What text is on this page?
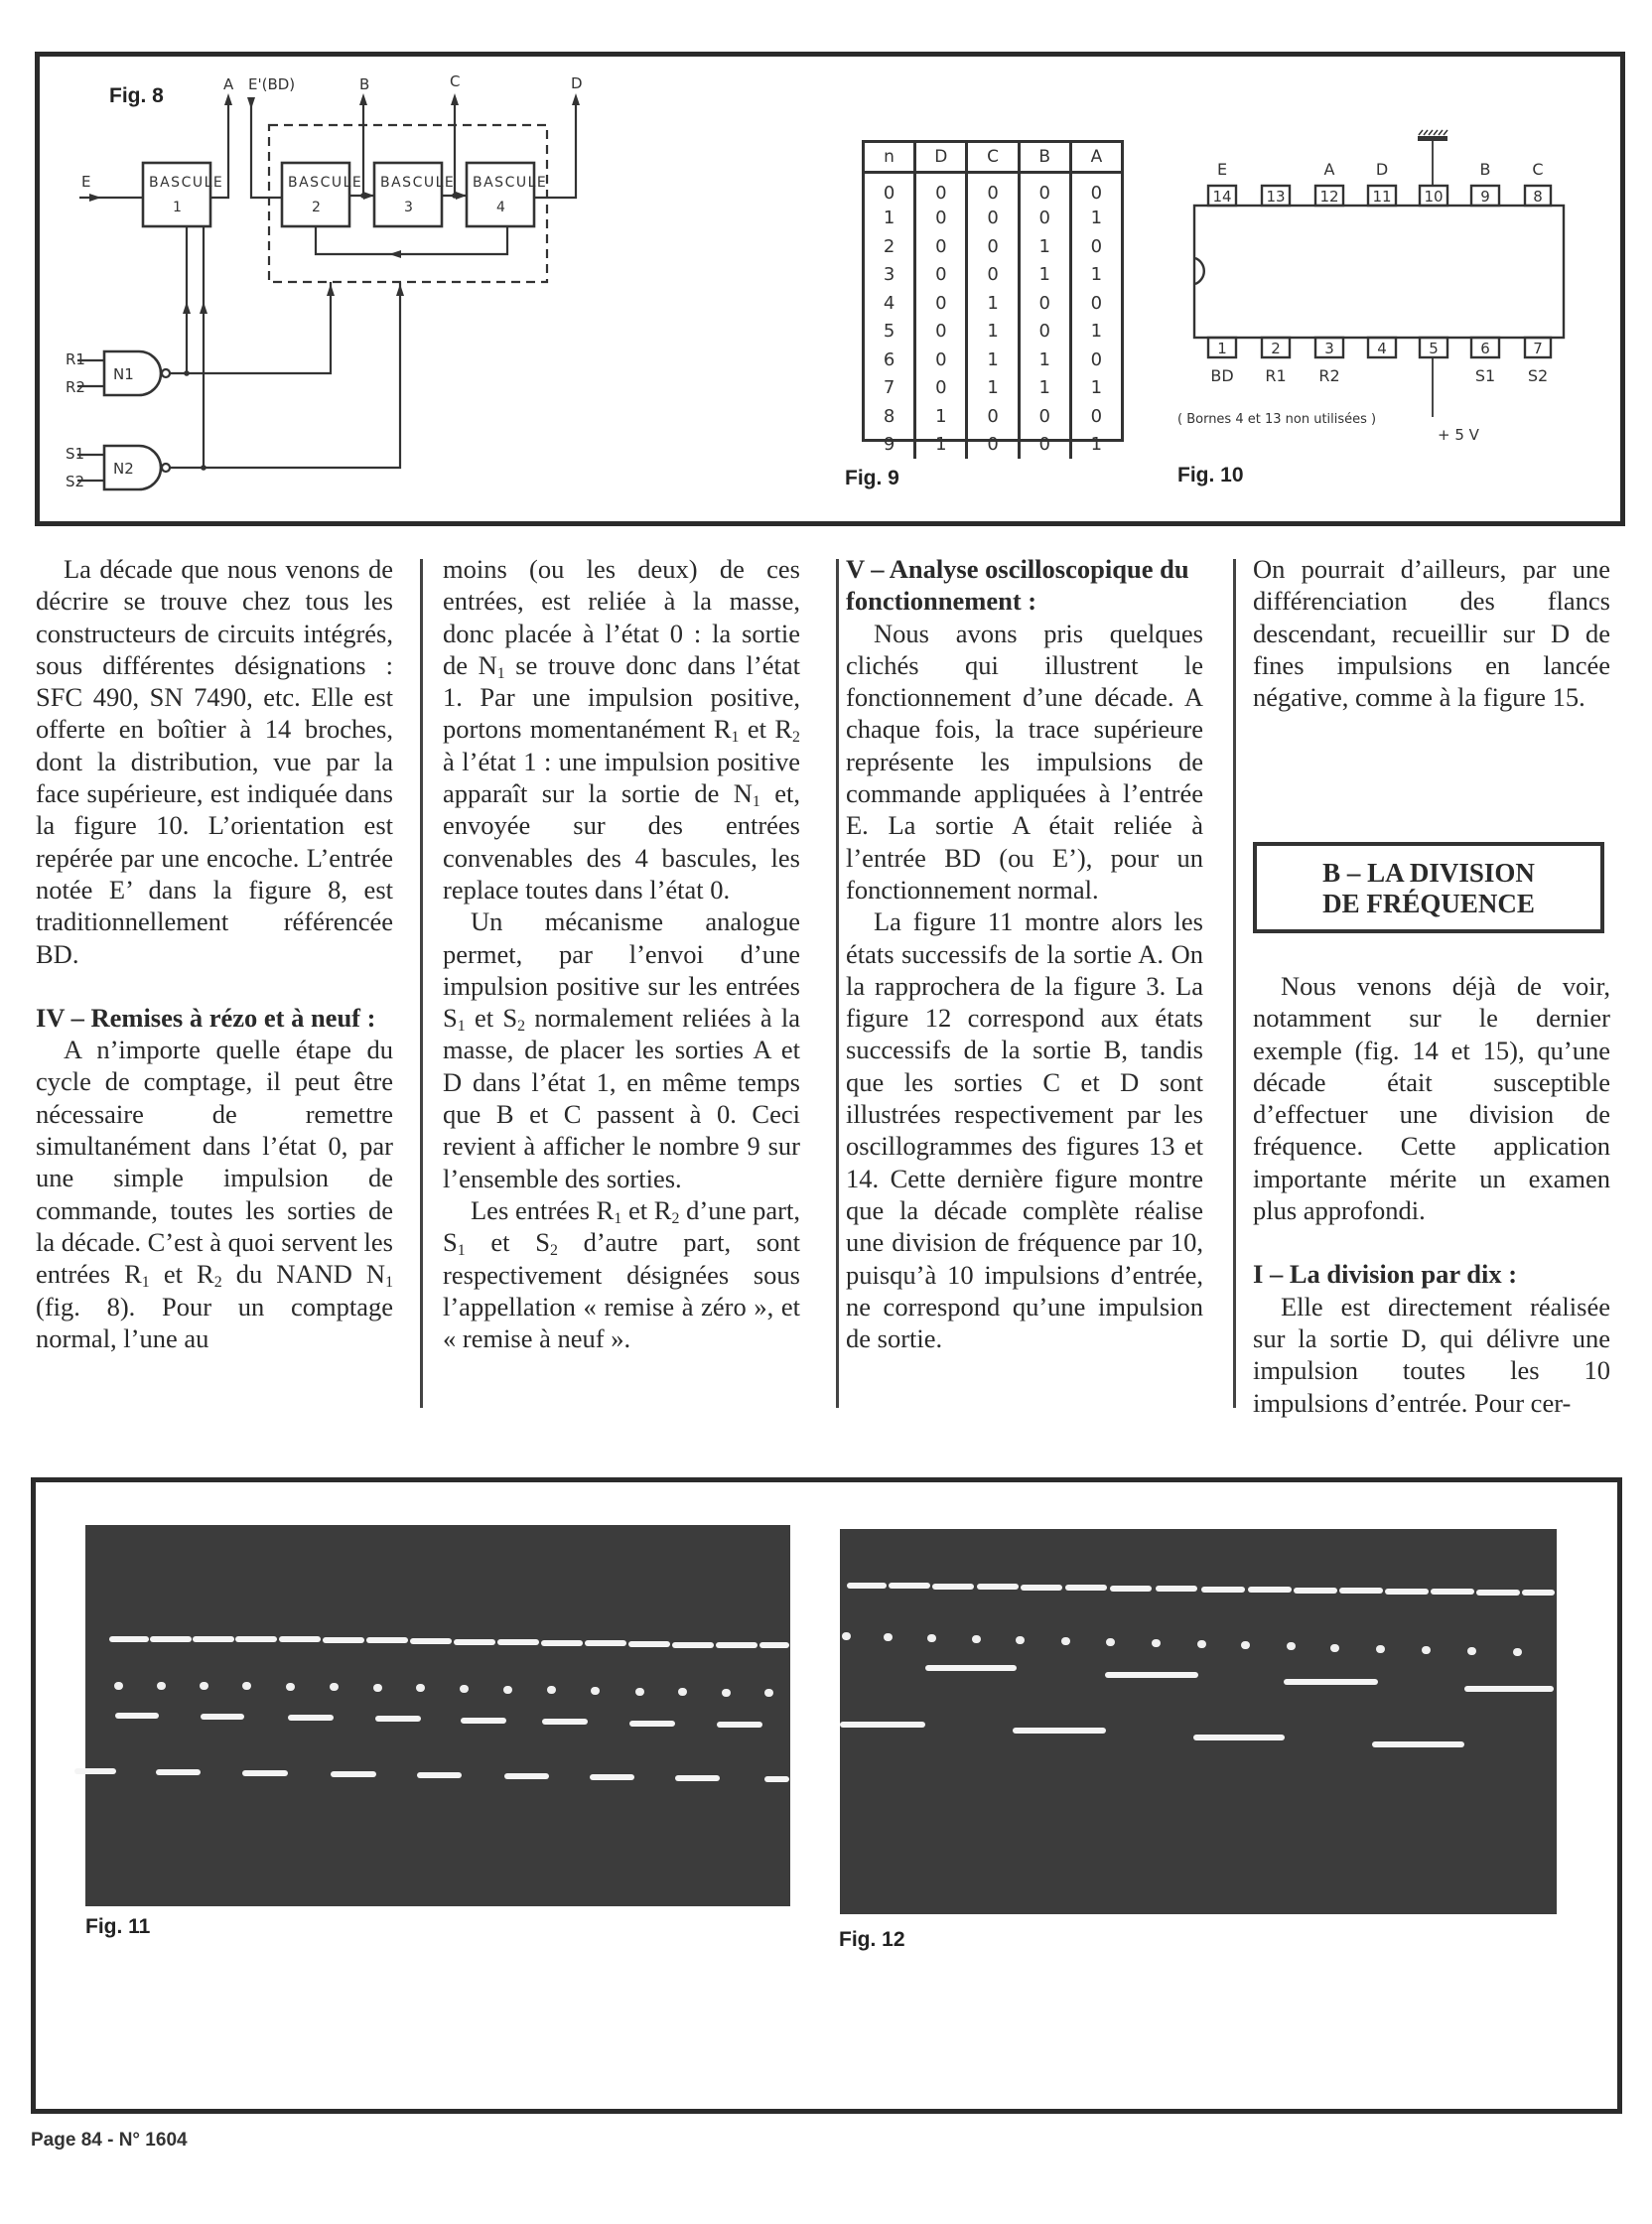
Fig. 8
BASCULE
1
BASCULE
2
BASCULE
3
BASCULE
4
A E'(BD)	B	C	D
E
N1
N2
R1
R2
S1
S2
n	D	C	B	A
0	0	0	0	0
1	0	0	0	1
2	0	0	1	0
3	0	0	1	1
4	0	1	0	0
5	0	1	0	1
6	0	1	1	0
7	0	1	1	1
8	1	0	0	0
9	1	0	0	1
Fig. 9
14 13 12 11 10	9	8
1	2	3	4	5	6	7
E	A	D	B	C
BD R1 R2	S1 S2
( Bornes 4 et 13 non utilisées )
+ 5 V
Fig. 10

La décade que nous venons de décrire se trouve chez tous les constructeurs de circuits intégrés, sous différentes désignations : SFC 490, SN 7490, etc. Elle est offerte en boîtier à 14 broches, dont la distribution, vue par la face supérieure, est indiquée dans la figure 10. L’orientation est repérée par une encoche. L’entrée notée E’ dans la figure 8, est traditionnellement référencée BD.

IV – Remises à rézo et à neuf :

A n’importe quelle étape du cycle de comptage, il peut être nécessaire de remettre simultanément dans l’état 0, par une simple impulsion de commande, toutes les sorties de la décade. C’est à quoi servent les entrées $R_1$ et $R_2$ du NAND $N_1$ (fig. 8). Pour un comptage normal, l’une au

moins (ou les deux) de ces entrées, est reliée à la masse, donc placée à l’état 0 : la sortie de $N_1$ se trouve donc dans l’état 1. Par une impulsion positive, portons momentanément $R_1$ et $R_2$ à l’état 1 : une impulsion positive apparaît sur la sortie de $N_1$ et, envoyée sur des entrées convenables des 4 bascules, les replace toutes dans l’état 0.

Un mécanisme analogue permet, par l’envoi d’une impulsion positive sur les entrées $S_1$ et $S_2$ normalement reliées à la masse, de placer les sorties A et D dans l’état 1, en même temps que B et C passent à 0. Ceci revient à afficher le nombre 9 sur l’ensemble des sorties.

Les entrées $R_1$ et $R_2$ d’une part, $S_1$ et $S_2$ d’autre part, sont respectivement désignées sous l’appellation « remise à zéro », et « remise à neuf ».

V – Analyse oscilloscopique du fonctionnement :

Nous avons pris quelques clichés qui illustrent le fonctionnement d’une décade. A chaque fois, la trace supérieure représente les impulsions de commande appliquées à l’entrée E. La sortie A était reliée à l’entrée BD (ou E’), pour un fonctionnement normal.

La figure 11 montre alors les états successifs de la sortie A. On la rapprochera de la figure 3. La figure 12 correspond aux états successifs de la sortie B, tandis que les sorties C et D sont illustrées respectivement par les oscillogrammes des figures 13 et 14. Cette dernière figure montre que la décade complète réalise une division de fréquence par 10, puisqu’à 10 impulsions d’entrée, ne correspond qu’une impulsion de sortie.

On pourrait d’ailleurs, par une différenciation des flancs descendant, recueillir sur D de fines impulsions en lancée négative, comme à la figure 15.

B – LA DIVISION
DE FRÉQUENCE

Nous venons déjà de voir, notamment sur le dernier exemple (fig. 14 et 15), qu’une décade était susceptible d’effectuer une division de fréquence. Cette application importante mérite un examen plus approfondi.

I – La division par dix :

Elle est directement réalisée sur la sortie D, qui délivre une impulsion toutes les 10 impulsions d’entrée. Pour cer-

Fig. 11
Fig. 12
Page 84 - N° 1604
